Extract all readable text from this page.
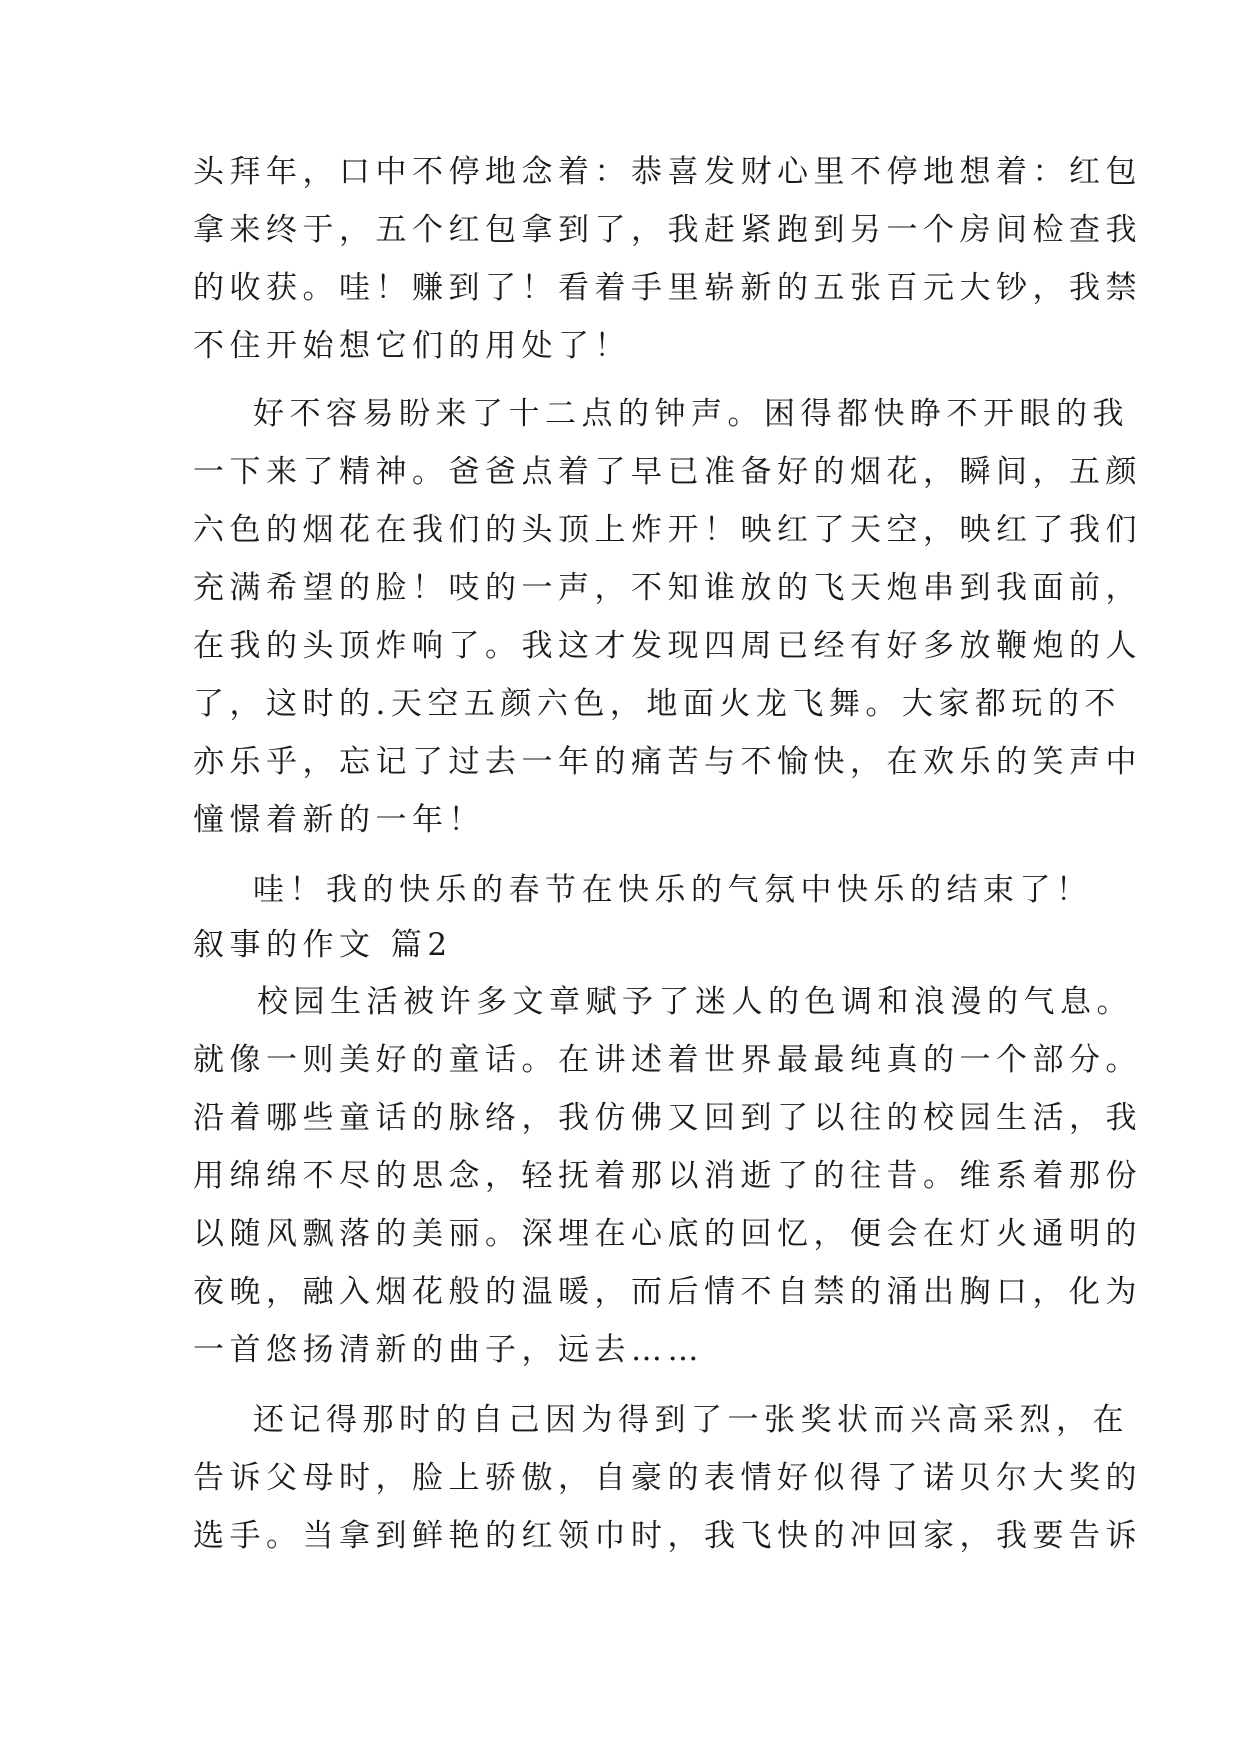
头拜年，口中不停地念着：恭喜发财心里不停地想着：红包
拿来终于，五个红包拿到了，我赶紧跑到另一个房间检查我
的收获。哇！赚到了！看着手里崭新的五张百元大钞，我禁
不住开始想它们的用处了！
好不容易盼来了十二点的钟声。困得都快睁不开眼的我
一下来了精神。爸爸点着了早已准备好的烟花，瞬间，五颜
六色的烟花在我们的头顶上炸开！映红了天空，映红了我们
充满希望的脸！吱的一声，不知谁放的飞天炮串到我面前，
在我的头顶炸响了。我这才发现四周已经有好多放鞭炮的人
了，这时的.天空五颜六色，地面火龙飞舞。大家都玩的不
亦乐乎，忘记了过去一年的痛苦与不愉快，在欢乐的笑声中
憧憬着新的一年！
哇！我的快乐的春节在快乐的气氛中快乐的结束了！
叙事的作文 篇2
校园生活被许多文章赋予了迷人的色调和浪漫的气息。
就像一则美好的童话。在讲述着世界最最纯真的一个部分。
沿着哪些童话的脉络，我仿佛又回到了以往的校园生活，我
用绵绵不尽的思念，轻抚着那以消逝了的往昔。维系着那份
以随风飘落的美丽。深埋在心底的回忆，便会在灯火通明的
夜晚，融入烟花般的温暖，而后情不自禁的涌出胸口，化为
一首悠扬清新的曲子，远去……
还记得那时的自己因为得到了一张奖状而兴高采烈，在
告诉父母时，脸上骄傲，自豪的表情好似得了诺贝尔大奖的
选手。当拿到鲜艳的红领巾时，我飞快的冲回家，我要告诉
